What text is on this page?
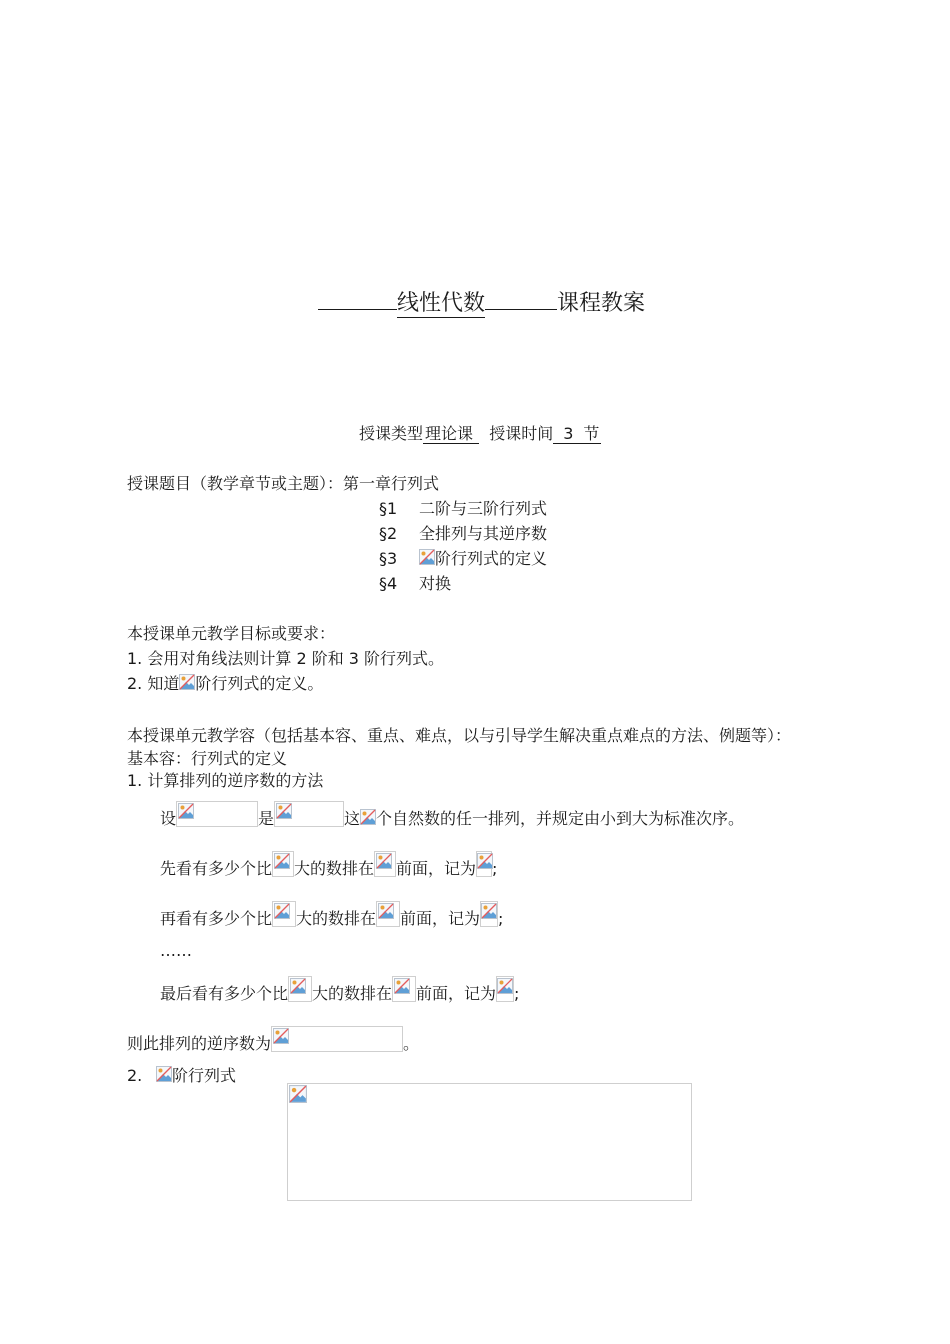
线性代数	课程教案
授课类型 理论课 授课时间 3 节
授课题目（教学章节或主题）：第一章行列式
§1 二阶与三阶行列式
§2 全排列与其逆序数
§3 阶行列式的定义
§4 对换
本授课单元教学目标或要求：
1. 会用对角线法则计算 2 阶和 3 阶行列式。
2. 知道 阶行列式的定义。
本授课单元教学容（包括基本容、重点、难点，以与引导学生解决重点难点的方法、例题等）：
基本容：行列式的定义
1. 计算排列的逆序数的方法
设	是	这 个自然数的任一排列，并规定由小到大为标准次序。
先看有多少个比 大的数排在 前面，记为 ;
再看有多少个比 大的数排在 前面，记为 ;
……
最后看有多少个比 大的数排在 前面，记为 ;
则此排列的逆序数为	。
2. 阶行列式
